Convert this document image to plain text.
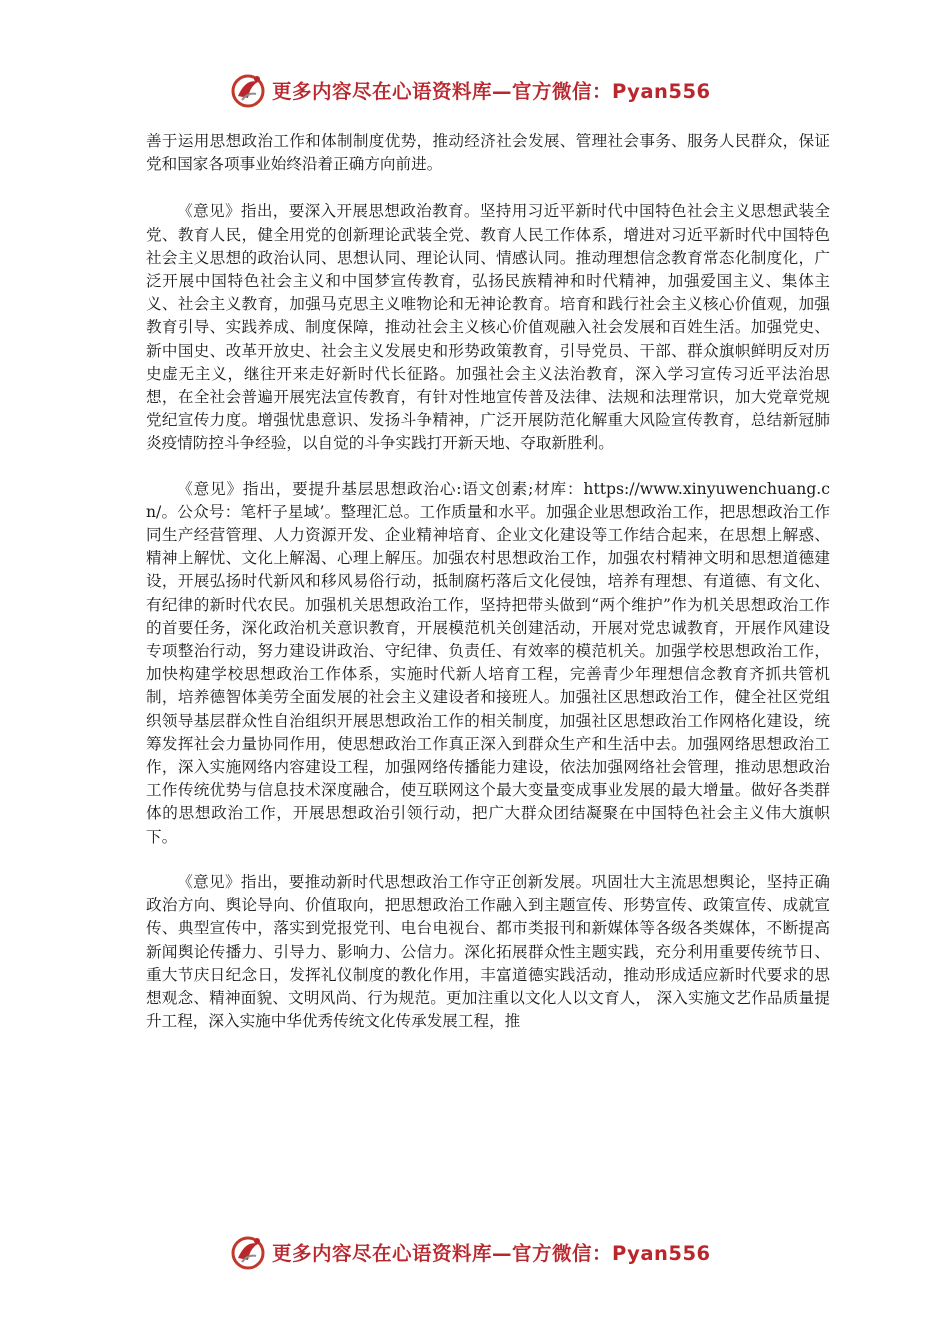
更多内容尽在心语资料库—官方微信：Pyan556

善于运用思想政治工作和体制制度优势，推动经济社会发展、管理社会事务、服务人民群众，保证党和国家各项事业始终沿着正确方向前进。

《意见》指出，要深入开展思想政治教育。坚持用习近平新时代中国特色社会主义思想武装全党、教育人民，健全用党的创新理论武装全党、教育人民工作体系，增进对习近平新时代中国特色社会主义思想的政治认同、思想认同、理论认同、情感认同。推动理想信念教育常态化制度化，广泛开展中国特色社会主义和中国梦宣传教育，弘扬民族精神和时代精神，加强爱国主义、集体主义、社会主义教育，加强马克思主义唯物论和无神论教育。培育和践行社会主义核心价值观，加强教育引导、实践养成、制度保障，推动社会主义核心价值观融入社会发展和百姓生活。加强党史、新中国史、改革开放史、社会主义发展史和形势政策教育，引导党员、干部、群众旗帜鲜明反对历史虚无主义，继往开来走好新时代长征路。加强社会主义法治教育，深入学习宣传习近平法治思想，在全社会普遍开展宪法宣传教育，有针对性地宣传普及法律、法规和法理常识，加大党章党规党纪宣传力度。增强忧患意识、发扬斗争精神，广泛开展防范化解重大风险宣传教育，总结新冠肺炎疫情防控斗争经验，以自觉的斗争实践打开新天地、夺取新胜利。

《意见》指出，要提升基层思想政治心:语文创素;材库：https://www.xinyuwenchuang.cn/。公众号：笔杆子星域’。整理汇总。工作质量和水平。加强企业思想政治工作，把思想政治工作同生产经营管理、人力资源开发、企业精神培育、企业文化建设等工作结合起来，在思想上解惑、精神上解忧、文化上解渴、心理上解压。加强农村思想政治工作，加强农村精神文明和思想道德建设，开展弘扬时代新风和移风易俗行动，抵制腐朽落后文化侵蚀，培养有理想、有道德、有文化、有纪律的新时代农民。加强机关思想政治工作，坚持把带头做到“两个维护”作为机关思想政治工作的首要任务，深化政治机关意识教育，开展模范机关创建活动，开展对党忠诚教育，开展作风建设专项整治行动，努力建设讲政治、守纪律、负责任、有效率的模范机关。加强学校思想政治工作，加快构建学校思想政治工作体系，实施时代新人培育工程，完善青少年理想信念教育齐抓共管机制，培养德智体美劳全面发展的社会主义建设者和接班人。加强社区思想政治工作，健全社区党组织领导基层群众性自治组织开展思想政治工作的相关制度，加强社区思想政治工作网格化建设，统筹发挥社会力量协同作用，使思想政治工作真正深入到群众生产和生活中去。加强网络思想政治工作，深入实施网络内容建设工程，加强网络传播能力建设，依法加强网络社会管理，推动思想政治工作传统优势与信息技术深度融合，使互联网这个最大变量变成事业发展的最大增量。做好各类群体的思想政治工作，开展思想政治引领行动，把广大群众团结凝聚在中国特色社会主义伟大旗帜下。

《意见》指出，要推动新时代思想政治工作守正创新发展。巩固壮大主流思想舆论，坚持正确政治方向、舆论导向、价值取向，把思想政治工作融入到主题宣传、形势宣传、政策宣传、成就宣传、典型宣传中，落实到党报党刊、电台电视台、都市类报刊和新媒体等各级各类媒体，不断提高新闻舆论传播力、引导力、影响力、公信力。深化拓展群众性主题实践，充分利用重要传统节日、重大节庆日纪念日，发挥礼仪制度的教化作用，丰富道德实践活动，推动形成适应新时代要求的思想观念、精神面貌、文明风尚、行为规范。更加注重以文化人以文育人， 深入实施文艺作品质量提升工程，深入实施中华优秀传统文化传承发展工程，推

更多内容尽在心语资料库—官方微信：Pyan556
